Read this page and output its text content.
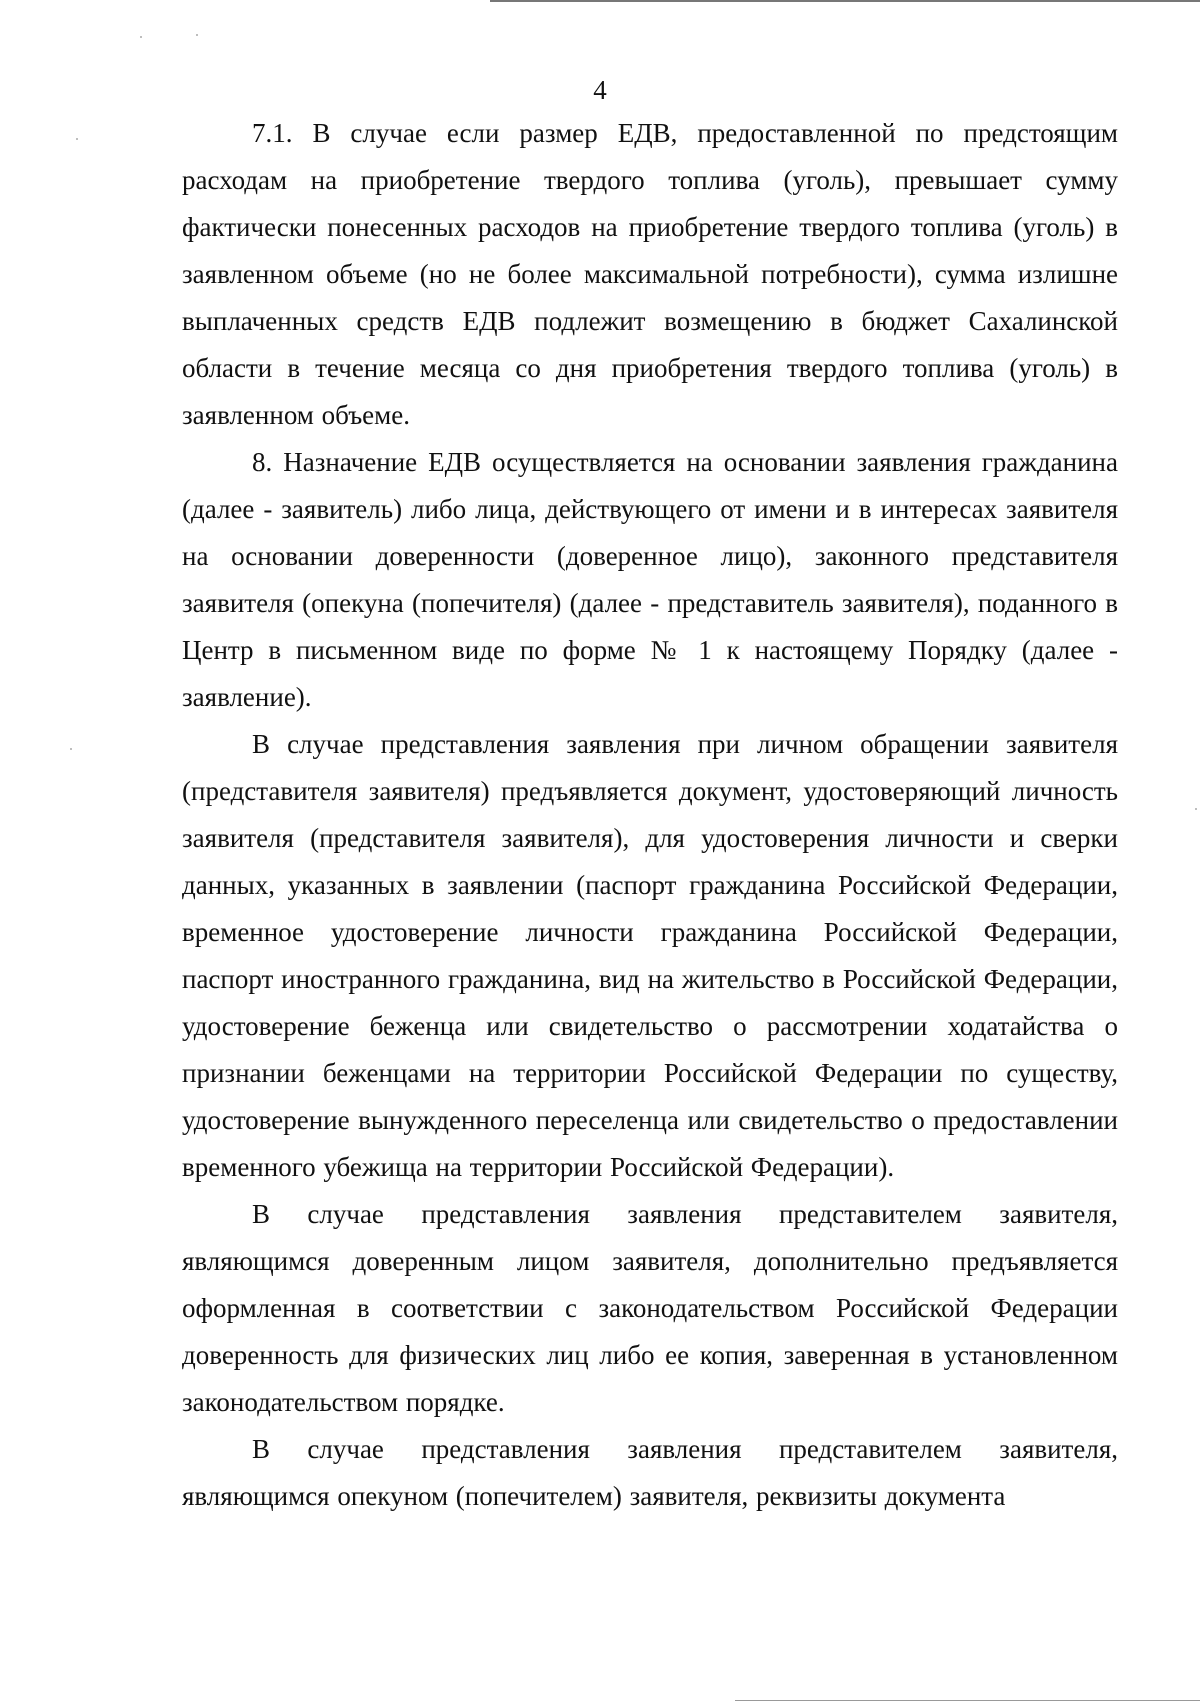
4

7.1. В случае если размер ЕДВ, предоставленной по предстоящим расходам на приобретение твердого топлива (уголь), превышает сумму фактически понесенных расходов на приобретение твердого топлива (уголь) в заявленном объеме (но не более максимальной потребности), сумма излишне выплаченных средств ЕДВ подлежит возмещению в бюджет Сахалинской области в течение месяца со дня приобретения твердого топлива (уголь) в заявленном объеме.

8. Назначение ЕДВ осуществляется на основании заявления гражданина (далее - заявитель) либо лица, действующего от имени и в интересах заявителя на основании доверенности (доверенное лицо), законного представителя заявителя (опекуна (попечителя) (далее - представитель заявителя), поданного в Центр в письменном виде по форме № 1 к настоящему Порядку (далее - заявление).

В случае представления заявления при личном обращении заявителя (представителя заявителя) предъявляется документ, удостоверяющий личность заявителя (представителя заявителя), для удостоверения личности и сверки данных, указанных в заявлении (паспорт гражданина Российской Федерации, временное удостоверение личности гражданина Российской Федерации, паспорт иностранного гражданина, вид на жительство в Российской Федерации, удостоверение беженца или свидетельство о рассмотрении ходатайства о признании беженцами на территории Российской Федерации по существу, удостоверение вынужденного переселенца или свидетельство о предоставлении временного убежища на территории Российской Федерации).

В случае представления заявления представителем заявителя, являющимся доверенным лицом заявителя, дополнительно предъявляется оформленная в соответствии с законодательством Российской Федерации доверенность для физических лиц либо ее копия, заверенная в установленном законодательством порядке.

В случае представления заявления представителем заявителя, являющимся опекуном (попечителем) заявителя, реквизиты документа
